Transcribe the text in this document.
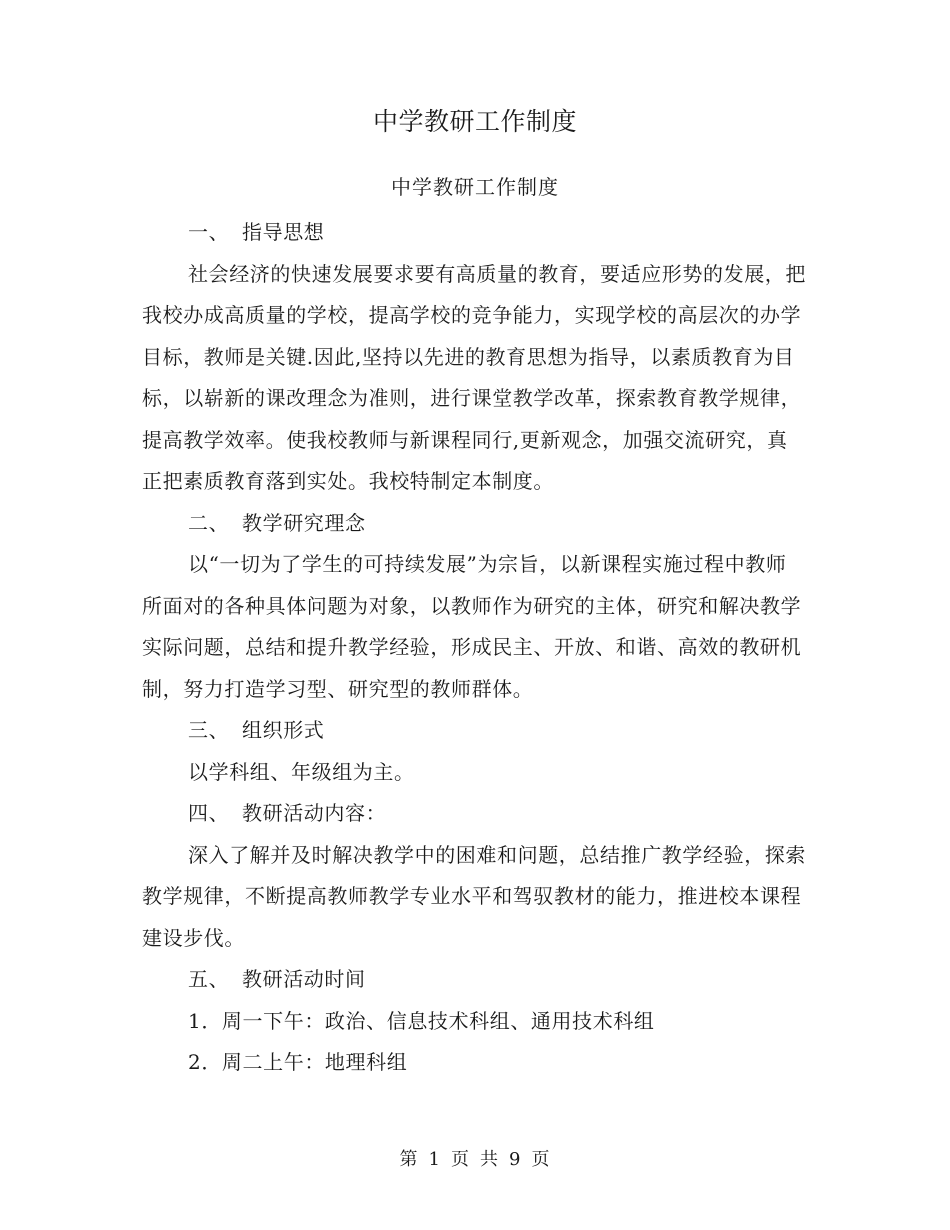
中学教研工作制度
中学教研工作制度

一、 指导思想

社会经济的快速发展要求要有高质量的教育，要适应形势的发展，把我校办成高质量的学校，提高学校的竞争能力，实现学校的高层次的办学目标，教师是关键.因此,坚持以先进的教育思想为指导，以素质教育为目标，以崭新的课改理念为准则，进行课堂教学改革，探索教育教学规律，提高教学效率。使我校教师与新课程同行,更新观念，加强交流研究，真正把素质教育落到实处。我校特制定本制度。

二、 教学研究理念

以“一切为了学生的可持续发展”为宗旨，以新课程实施过程中教师所面对的各种具体问题为对象，以教师作为研究的主体，研究和解决教学实际问题，总结和提升教学经验，形成民主、开放、和谐、高效的教研机制，努力打造学习型、研究型的教师群体。

三、 组织形式

以学科组、年级组为主。

四、 教研活动内容：

深入了解并及时解决教学中的困难和问题，总结推广教学经验，探索教学规律，不断提高教师教学专业水平和驾驭教材的能力，推进校本课程建设步伐。

五、 教研活动时间

1．周一下午：政治、信息技术科组、通用技术科组

2．周二上午：地理科组

第 1 页 共 9 页
